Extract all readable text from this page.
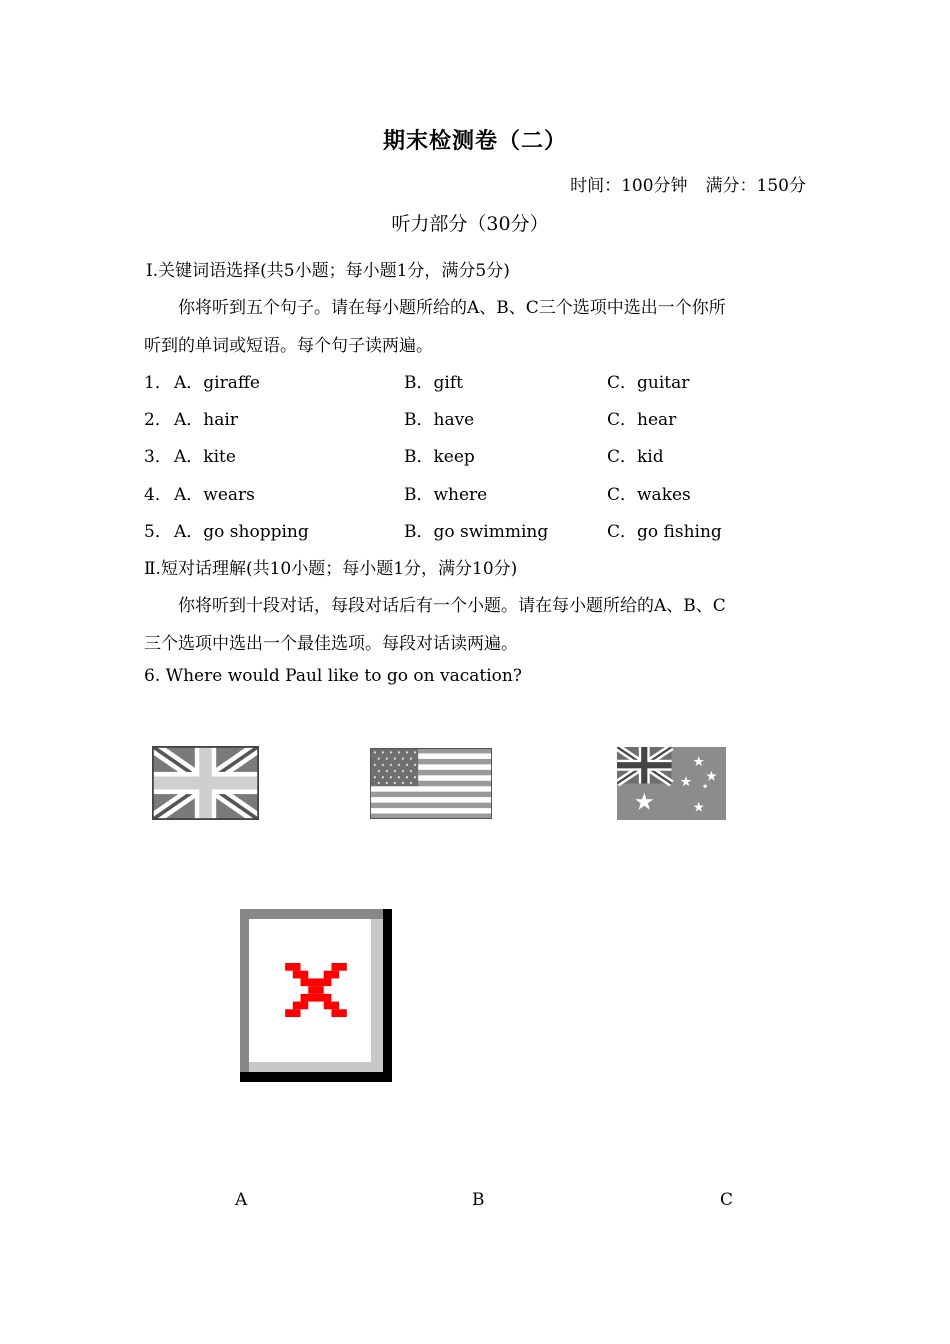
期末检测卷（二）
时间：100分钟 满分：150分
听力部分（30分）
Ⅰ.关键词语选择(共5小题；每小题1分，满分5分)
你将听到五个句子。请在每小题所给的A、B、C三个选项中选出一个你所
听到的单词或短语。每个句子读两遍。
1． A．giraffe	B．gift	C．guitar
2． A．hair	B．have	C．hear
3． A．kite	B．keep	C．kid
4． A．wears	B．where	C．wakes
5． A．go shopping	B．go swimming	C．go fishing
Ⅱ.短对话理解(共10小题；每小题1分，满分10分)
你将听到十段对话，每段对话后有一个小题。请在每小题所给的A、B、C
三个选项中选出一个最佳选项。每段对话读两遍。
6. Where would Paul like to go on vacation?
A	B	C
